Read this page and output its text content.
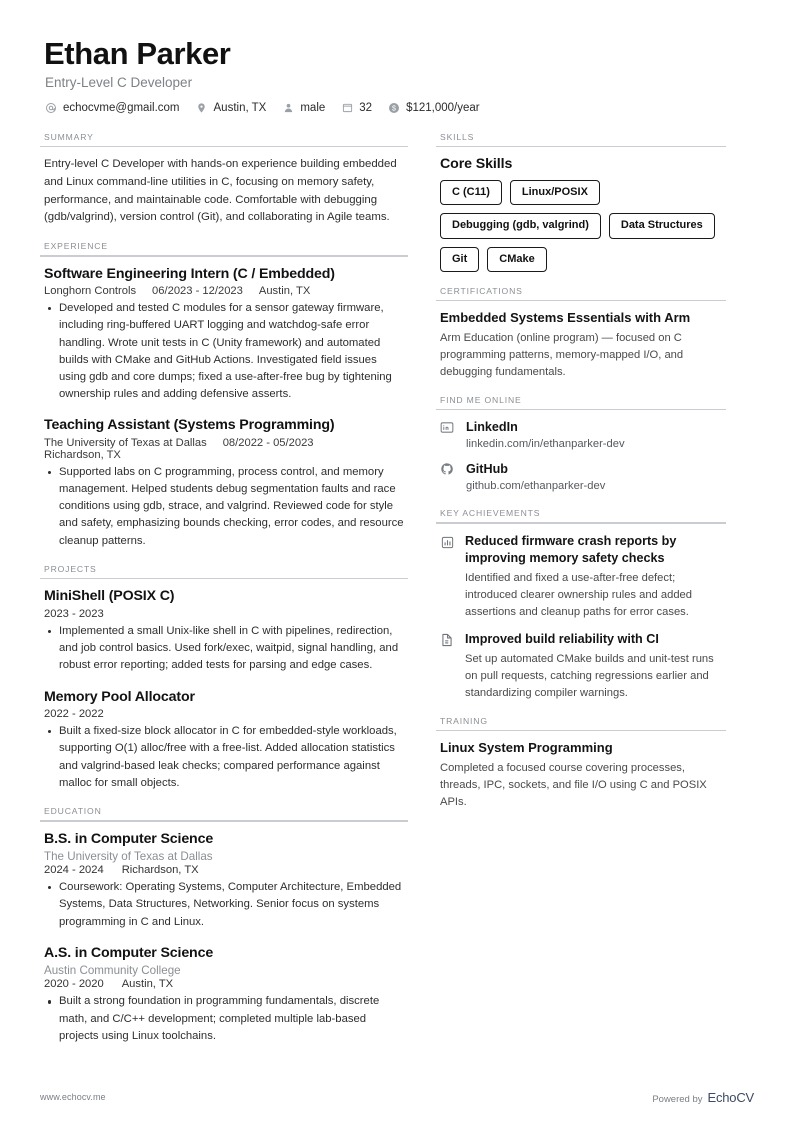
Ethan Parker
Entry-Level C Developer
echocvme@gmail.com	Austin, TX	male	32 $ $121,000/year
SUMMARY

Entry-level C Developer with hands-on experience building embedded and Linux command-line utilities in C, focusing on memory safety, performance, and maintainable code. Comfortable with debugging (gdb/valgrind), version control (Git), and collaborating in Agile teams.

EXPERIENCE
Software Engineering Intern (C / Embedded)
Longhorn Controls 06/2023 - 12/2023 Austin, TX
Developed and tested C modules for a sensor gateway firmware, including ring-buffered UART logging and watchdog-safe error handling. Wrote unit tests in C (Unity framework) and automated builds with CMake and GitHub Actions. Investigated field issues using gdb and core dumps; fixed a use-after-free bug by tightening ownership rules and adding defensive asserts.
Teaching Assistant (Systems Programming)
The University of Texas at Dallas 08/2022 - 05/2023
Richardson, TX
Supported labs on C programming, process control, and memory management. Helped students debug segmentation faults and race conditions using gdb, strace, and valgrind. Reviewed code for style and safety, emphasizing bounds checking, error codes, and resource cleanup patterns.
PROJECTS
MiniShell (POSIX C)
2023 - 2023
Implemented a small Unix-like shell in C with pipelines, redirection, and job control basics. Used fork/exec, waitpid, signal handling, and robust error reporting; added tests for parsing and edge cases.
Memory Pool Allocator
2022 - 2022
Built a fixed-size block allocator in C for embedded-style workloads, supporting O(1) alloc/free with a free-list. Added allocation statistics and valgrind-based leak checks; compared performance against malloc for small objects.
EDUCATION
B.S. in Computer Science
The University of Texas at Dallas
2024 - 2024 Richardson, TX
Coursework: Operating Systems, Computer Architecture, Embedded Systems, Data Structures, Networking. Senior focus on systems programming in C and Linux.
A.S. in Computer Science
Austin Community College
2020 - 2020 Austin, TX
Built a strong foundation in programming fundamentals, discrete math, and C/C++ development; completed multiple lab-based projects using Linux toolchains.
SKILLS
Core Skills
C (C11)	Linux/POSIX
Debugging (gdb, valgrind)	Data Structures
Git	CMake
CERTIFICATIONS
Embedded Systems Essentials with Arm

Arm Education (online program) — focused on C programming patterns, memory-mapped I/O, and debugging fundamentals.

FIND ME ONLINE
LinkedIn
linkedin.com/in/ethanparker-dev
GitHub
github.com/ethanparker-dev
KEY ACHIEVEMENTS
Reduced firmware crash reports by improving memory safety checks
Identified and fixed a use-after-free defect; introduced clearer ownership rules and added assertions and cleanup paths for error cases.
Improved build reliability with CI
Set up automated CMake builds and unit-test runs on pull requests, catching regressions earlier and standardizing compiler warnings.
TRAINING
Linux System Programming

Completed a focused course covering processes, threads, IPC, sockets, and file I/O using C and POSIX APIs.

www.echocv.me	Powered by EchoCV
